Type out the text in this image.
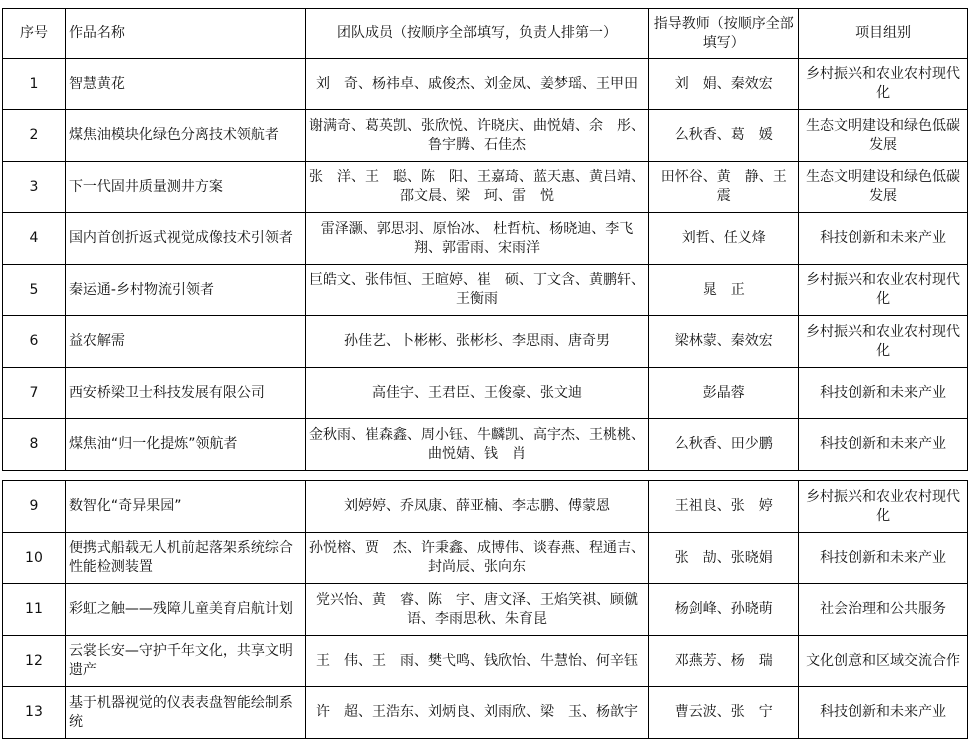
序号	作品名称	团队成员（按顺序全部填写，负责人排第一）	指导教师（按顺序全部填写）	项目组别
1	智慧黄花	刘　奇、杨祎卓、戚俊杰、刘金凤、姜梦瑶、王甲田	刘　娟、秦效宏	乡村振兴和农业农村现代化
2	煤焦油模块化绿色分离技术领航者	谢满奇、葛英凯、张欣悦、许晓庆、曲悦婧、余　彤、鲁宇腾、石佳杰	么秋香、葛　媛	生态文明建设和绿色低碳发展
3	下一代固井质量测井方案	张　洋、王　聪、陈　阳、王嘉琦、蓝天惠、黄吕靖、邵文晨、梁　珂、雷　悦	田怀谷、黄　静、王　震	生态文明建设和绿色低碳发展
4	国内首创折返式视觉成像技术引领者	雷泽灏、郭思羽、原怡冰、 杜哲杭、杨晓迪、李飞翔、郭雷雨、宋雨洋	刘哲、任义烽	科技创新和未来产业
5	秦运通-乡村物流引领者	巨皓文、张伟恒、王暄婷、崔　硕、丁文含、黄鹏轩、王衡雨	晁　正	乡村振兴和农业农村现代化
6	益农解需	孙佳艺、卜彬彬、张彬杉、李思雨、唐奇男	梁林蒙、秦效宏	乡村振兴和农业农村现代化
7	西安桥梁卫士科技发展有限公司	高佳宇、王君臣、王俊豪、张文迪	彭晶蓉	科技创新和未来产业
8	煤焦油“归一化提炼”领航者	金秋雨、崔森鑫、周小钰、牛麟凯、高宇杰、王桃桃、曲悦婧、钱　肖	么秋香、田少鹏	科技创新和未来产业
9	数智化“奇异果园”	刘婷婷、乔凤康、薛亚楠、李志鹏、傅蒙恩	王祖良、张　婷	乡村振兴和农业农村现代化
10	便携式船载无人机前起落架系统综合性能检测装置	孙悦榕、贾　杰、许秉鑫、成博伟、谈春燕、程通吉、封尚辰、张向东	张　劼、张晓娟	科技创新和未来产业
11	彩虹之触——残障儿童美育启航计划	党兴怡、黄　睿、陈　宇、唐文泽、王焰笑祺、顾僦语、李雨思秋、朱育昆	杨剑峰、孙晓萌	社会治理和公共服务
12	云裳长安—守护千年文化，共享文明遗产	王　伟、王　雨、樊弋鸣、钱欣怡、牛慧怡、何辛钰	邓燕芳、杨　瑞	文化创意和区域交流合作
13	基于机器视觉的仪表表盘智能绘制系统	许　超、王浩东、刘炳良、刘雨欣、梁　玉、杨歆宇	曹云波、张　宁	科技创新和未来产业
